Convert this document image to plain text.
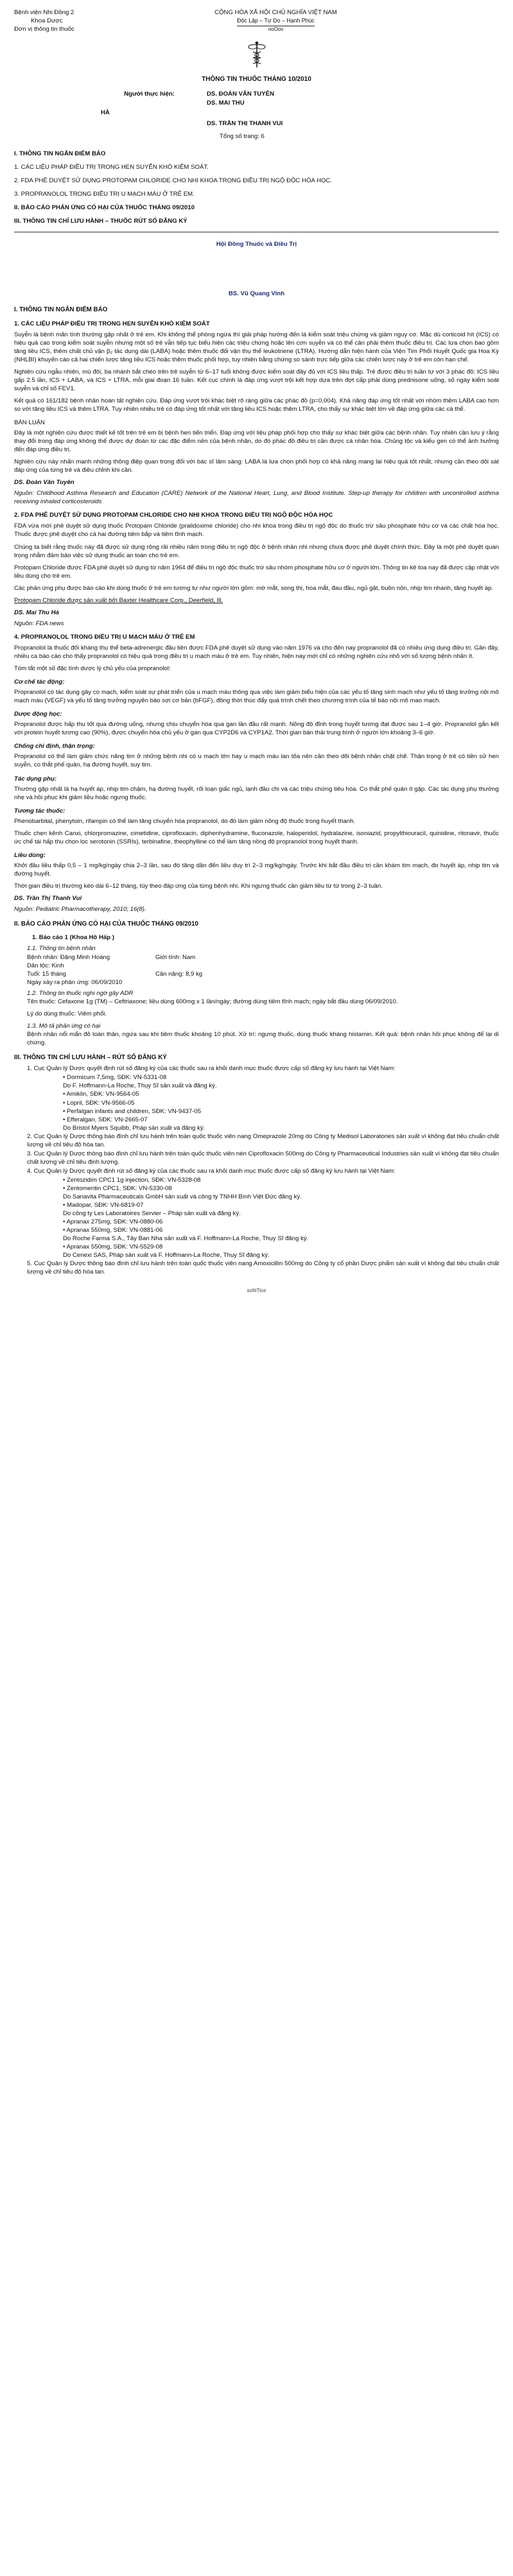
Bệnh viện Nhi Đồng 2
Khoa Dược
Đơn vị thông tin thuốc
CỘNG HÒA XÃ HỘI CHỦ NGHĨA VIỆT NAM
Độc Lập – Tự Do – Hạnh Phúc
ooOoo
THÔNG TIN THUỐC THÁNG 10/2010
Người thực hiện:	DS. ĐOÀN VĂN TUYÊN
DS. MAI THU
HÀ
DS. TRẦN THỊ THANH VUI
Tổng số trang: 6
I. THÔNG TIN NGẮN ĐIỂM BÁO
1. CÁC LIỆU PHÁP ĐIỀU TRỊ TRONG HEN SUYỄN KHÓ KIỂM SOÁT.
2. FDA PHÊ DUYỆT SỬ DỤNG PROTOPAM CHLORIDE CHO NHI KHOA TRONG ĐIỀU TRỊ NGỘ ĐỘC HÓA HỌC.
3. PROPRANOLOL TRONG ĐIỀU TRỊ U MẠCH MÁU Ở TRẺ EM.
II. BÁO CÁO PHẢN ỨNG CÓ HẠI CỦA THUỐC THÁNG 09/2010
III. THÔNG TIN CHỈ LƯU HÀNH – THUỐC RÚT SỐ ĐĂNG KÝ
Hội Đồng Thuốc và Điều Trị
BS. Vũ Quang Vinh
I. THÔNG TIN NGẮN ĐIỂM BÁO
1. CÁC LIỆU PHÁP ĐIỀU TRỊ TRONG HEN SUYỄN KHÓ KIỂM SOÁT

Suyễn là bệnh mãn tính thường gặp nhất ở trẻ em. Khi không thể phòng ngừa thì giải pháp hướng đến là kiểm soát triệu chứng và giảm nguy cơ. Mặc dù corticoid hít (ICS) có hiệu quả cao trong kiểm soát suyễn nhưng một số trẻ vẫn tiếp tục biểu hiện các triệu chứng hoặc lên cơn suyễn và có thể cần phải thêm thuốc điều trị. Các lựa chọn bao gồm tăng liều ICS, thêm chất chủ vận β₂ tác dụng dài (LABA) hoặc thêm thuốc đối vận thụ thể leukotriene (LTRA). Hướng dẫn hiện hành của Viện Tim Phổi Huyết Quốc gia Hoa Kỳ (NHLBI) khuyến cáo cả hai chiến lược tăng liều ICS hoặc thêm thuốc phối hợp, tuy nhiên bằng chứng so sánh trực tiếp giữa các chiến lược này ở trẻ em còn hạn chế.

Nghiên cứu ngẫu nhiên, mù đôi, ba nhánh bắt chéo trên trẻ suyễn từ 6–17 tuổi không được kiểm soát đầy đủ với ICS liều thấp. Trẻ được điều trị tuần tự với 3 phác đồ: ICS liều gấp 2.5 lần, ICS + LABA, và ICS + LTRA, mỗi giai đoạn 16 tuần. Kết cục chính là đáp ứng vượt trội kết hợp dựa trên đợt cấp phải dùng prednisone uống, số ngày kiểm soát suyễn và chỉ số FEV1.

Kết quả có 161/182 bệnh nhân hoàn tất nghiên cứu. Đáp ứng vượt trội khác biệt rõ ràng giữa các phác đồ (p=0,004). Khả năng đáp ứng tốt nhất với nhóm thêm LABA cao hơn so với tăng liều ICS và thêm LTRA. Tuy nhiên nhiều trẻ có đáp ứng tốt nhất với tăng liều ICS hoặc thêm LTRA, cho thấy sự khác biệt lớn về đáp ứng giữa các cá thể.

BÀN LUẬN

Đây là một nghiên cứu được thiết kế tốt trên trẻ em bị bệnh hen tiến triển. Đáp ứng với liệu pháp phối hợp cho thấy sự khác biệt giữa các bệnh nhân. Tuy nhiên cần lưu ý rằng thay đổi trong đáp ứng không thể được dự đoán từ các đặc điểm nền của bệnh nhân, do đó phác đồ điều trị cần được cá nhân hóa. Chủng tộc và kiểu gen có thể ảnh hưởng đến đáp ứng điều trị.

Nghiên cứu này nhấn mạnh những thông điệp quan trọng đối với bác sĩ lâm sàng: LABA là lựa chọn phối hợp có khả năng mang lại hiệu quả tốt nhất, nhưng cần theo dõi sát đáp ứng của từng trẻ và điều chỉnh khi cần.

DS. Đoàn Văn Tuyên

Nguồn: Childhood Asthma Research and Education (CARE) Network of the National Heart, Lung, and Blood Institute. Step-up therapy for children with uncontrolled asthma receiving inhaled corticosteroids

2. FDA PHÊ DUYỆT SỬ DỤNG PROTOPAM CHLORIDE CHO NHI KHOA TRONG ĐIỀU TRỊ NGỘ ĐỘC HÓA HỌC

FDA vừa mới phê duyệt sử dụng thuốc Protopam Chloride (pralidoxime chloride) cho nhi khoa trong điều trị ngộ độc do thuốc trừ sâu phosphate hữu cơ và các chất hóa học. Thuốc được phê duyệt cho cả hai đường tiêm bắp và tiêm tĩnh mạch.

Chúng ta biết rằng thuốc này đã được sử dụng rộng rãi nhiều năm trong điều trị ngộ độc ở bệnh nhân nhi nhưng chưa được phê duyệt chính thức. Đây là một phê duyệt quan trọng nhằm đảm bảo việc sử dụng thuốc an toàn cho trẻ em.

Protopam Chloride được FDA phê duyệt sử dụng từ năm 1964 để điều trị ngộ độc thuốc trừ sâu nhóm phosphate hữu cơ ở người lớn. Thông tin kê toa nay đã được cập nhật với liều dùng cho trẻ em.

Các phản ứng phụ được báo cáo khi dùng thuốc ở trẻ em tương tự như người lớn gồm: mờ mắt, song thị, hoa mắt, đau đầu, ngủ gật, buồn nôn, nhịp tim nhanh, tăng huyết áp.

Protopam Chloride được sản xuất bởi Baxter Healthcare Corp., Deerfield, Ill.

DS. Mai Thu Hà

Nguồn: FDA news

4. PROPRANOLOL TRONG ĐIỀU TRỊ U MẠCH MÁU Ở TRẺ EM

Propranolol là thuốc đối kháng thụ thể beta-adrenergic đầu tiên được FDA phê duyệt sử dụng vào năm 1976 và cho đến nay propranolol đã có nhiều ứng dụng điều trị. Gần đây, nhiều ca báo cáo cho thấy propranolol có hiệu quả trong điều trị u mạch máu ở trẻ em. Tuy nhiên, hiện nay mới chỉ có những nghiên cứu nhỏ với số lượng bệnh nhân ít.

Tóm tắt một số đặc tính dược lý chủ yếu của propranolol:

Cơ chế tác động:

Propranolol có tác dụng gây co mạch, kiểm soát sự phát triển của u mạch máu thông qua việc làm giảm biểu hiện của các yếu tố tăng sinh mạch như yếu tố tăng trưởng nội mô mạch máu (VEGF) và yếu tố tăng trưởng nguyên bào sợi cơ bản (bFGF), đồng thời thúc đẩy quá trình chết theo chương trình của tế bào nội mô mao mạch.

Dược động học:

Propranolol được hấp thu tốt qua đường uống, nhưng chịu chuyển hóa qua gan lần đầu rất mạnh. Nồng độ đỉnh trong huyết tương đạt được sau 1–4 giờ. Propranolol gắn kết với protein huyết tương cao (90%), được chuyển hóa chủ yếu ở gan qua CYP2D6 và CYP1A2. Thời gian bán thải trung bình ở người lớn khoảng 3–6 giờ.

Chống chỉ định, thận trọng:

Propranolol có thể làm giảm chức năng tim ở những bệnh nhi có u mạch lớn hay u mạch máu lan tỏa nên cần theo dõi bệnh nhân chặt chẽ. Thận trọng ở trẻ có tiền sử hen suyễn, co thắt phế quản, hạ đường huyết, suy tim.

Tác dụng phụ:

Thường gặp nhất là hạ huyết áp, nhịp tim chậm, hạ đường huyết, rối loạn giấc ngủ, lạnh đầu chi và các triệu chứng tiêu hóa. Co thắt phế quản ít gặp. Các tác dụng phụ thường nhẹ và hồi phục khi giảm liều hoặc ngưng thuốc.

Tương tác thuốc:

Phenobarbital, phenytoin, rifampin có thể làm tăng chuyển hóa propranolol, do đó làm giảm nồng độ thuốc trong huyết thanh.

Thuốc chẹn kênh Canxi, chlorpromazine, cimetidine, ciprofloxacin, diphenhydramine, fluconazole, haloperidol, hydralazine, isoniazid, propylthiouracil, quinidine, ritonavir, thuốc ức chế tái hấp thu chọn lọc serotonin (SSRIs), terbinafine, theophylline có thể làm tăng nồng độ propranolol trong huyết thanh.

Liều dùng:

Khởi đầu liều thấp 0,5 – 1 mg/kg/ngày chia 2–3 lần, sau đó tăng dần đến liều duy trì 2–3 mg/kg/ngày. Trước khi bắt đầu điều trị cần khám tim mạch, đo huyết áp, nhịp tim và đường huyết.

Thời gian điều trị thường kéo dài 6–12 tháng, tùy theo đáp ứng của từng bệnh nhi. Khi ngưng thuốc cần giảm liều từ từ trong 2–3 tuần.

DS. Trần Thị Thanh Vui

Nguồn: Pediatric Pharmacotherapy, 2010; 16(8).

II. BÁO CÁO PHẢN ỨNG CÓ HẠI CỦA THUỐC THÁNG 09/2010
1. Báo cáo 1 (Khoa Hô Hấp )
1.1. Thông tin bệnh nhân
Bệnh nhân: Đặng Minh Hoàng	Giới tính: Nam
Dân tộc: Kinh
Tuổi: 15 tháng	Cân nặng: 8,9 kg
Ngày xảy ra phản ứng: 06/09/2010
1.2. Thông tin thuốc nghi ngờ gây ADR

Tên thuốc: Cefaxone 1g (TM) – Ceftriaxone; liều dùng 600mg x 1 lần/ngày; đường dùng tiêm tĩnh mạch; ngày bắt đầu dùng 06/09/2010.

Lý do dùng thuốc: Viêm phổi.

1.3. Mô tả phản ứng có hại

Bệnh nhân nổi mẩn đỏ toàn thân, ngứa sau khi tiêm thuốc khoảng 10 phút. Xử trí: ngưng thuốc, dùng thuốc kháng histamin. Kết quả: bệnh nhân hồi phục không để lại di chứng.

III. THÔNG TIN CHỈ LƯU HÀNH – RÚT SỐ ĐĂNG KÝ

1. Cục Quản lý Dược quyết định rút số đăng ký của các thuốc sau ra khỏi danh mục thuốc được cấp số đăng ký lưu hành tại Việt Nam:

• Dormicum 7,5mg, SĐK: VN-5331-08
Do F. Hoffmann-La Roche, Thụy Sĩ sản xuất và đăng ký.
• Amiklin, SĐK: VN-9564-05
• Lopril, SĐK: VN-9566-05
• Perfalgan infants and children, SĐK: VN-9437-05
• Efferalgan, SĐK: VN-2665-07
Do Bristol Myers Squibb, Pháp sản xuất và đăng ký.

2. Cục Quản lý Dược thông báo đình chỉ lưu hành trên toàn quốc thuốc viên nang Omeprazole 20mg do Công ty Medisol Laboratories sản xuất vì không đạt tiêu chuẩn chất lượng về chỉ tiêu độ hòa tan.

3. Cục Quản lý Dược thông báo đình chỉ lưu hành trên toàn quốc thuốc viên nén Ciprofloxacin 500mg do Công ty Pharmaceutical Industries sản xuất vì không đạt tiêu chuẩn chất lượng về chỉ tiêu định lượng.

4. Cục Quản lý Dược quyết định rút số đăng ký của các thuốc sau ra khỏi danh mục thuốc được cấp số đăng ký lưu hành tại Việt Nam:

• Zentozidim CPC1 1g injection, SĐK: VN-5328-08
• Zentomentin CPC1, SĐK: VN-5330-08
Do Sanavita Pharmaceuticals GmbH sản xuất và công ty TNHH Bình Việt Đức đăng ký.
• Madopar, SĐK: VN-6819-07
Do công ty Les Laboratoires Servier – Pháp sản xuất và đăng ký.
• Apranax 275mg, SĐK: VN-0880-06
• Apranax 550mg, SĐK: VN-0881-06
Do Roche Farma S.A., Tây Ban Nha sản xuất và F. Hoffmann-La Roche, Thụy Sĩ đăng ký.
• Apranax 550mg, SĐK: VN-5529-08
Do Cenexi SAS, Pháp sản xuất và F. Hoffmann-La Roche, Thụy Sĩ đăng ký.

5. Cục Quản lý Dược thông báo đình chỉ lưu hành trên toàn quốc thuốc viên nang Amoxicillin 500mg do Công ty cổ phần Dược phẩm sản xuất vì không đạt tiêu chuẩn chất lượng về chỉ tiêu độ hòa tan.

sof#Tice
